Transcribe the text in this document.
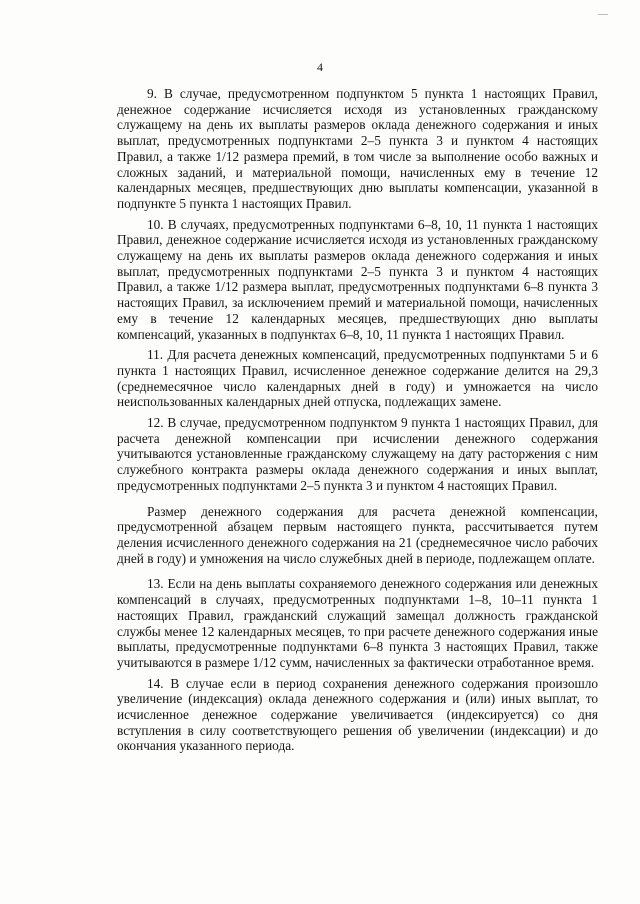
4

9. В случае, предусмотренном подпунктом 5 пункта 1 настоящих Правил, денежное содержание исчисляется исходя из установленных гражданскому служащему на день их выплаты размеров оклада денежного содержания и иных выплат, предусмотренных подпунктами 2–5 пункта 3 и пунктом 4 настоящих Правил, а также 1/12 размера премий, в том числе за выполнение особо важных и сложных заданий, и материальной помощи, начисленных ему в течение 12 календарных месяцев, предшествующих дню выплаты компенсации, указанной в подпункте 5 пункта 1 настоящих Правил.

10. В случаях, предусмотренных подпунктами 6–8, 10, 11 пункта 1 настоящих Правил, денежное содержание исчисляется исходя из установленных гражданскому служащему на день их выплаты размеров оклада денежного содержания и иных выплат, предусмотренных подпунктами 2–5 пункта 3 и пунктом 4 настоящих Правил, а также 1/12 размера выплат, предусмотренных подпунктами 6–8 пункта 3 настоящих Правил, за исключением премий и материальной помощи, начисленных ему в течение 12 календарных месяцев, предшествующих дню выплаты компенсаций, указанных в подпунктах 6–8, 10, 11 пункта 1 настоящих Правил.

11. Для расчета денежных компенсаций, предусмотренных подпунктами 5 и 6 пункта 1 настоящих Правил, исчисленное денежное содержание делится на 29,3 (среднемесячное число календарных дней в году) и умножается на число неиспользованных календарных дней отпуска, подлежащих замене.

12. В случае, предусмотренном подпунктом 9 пункта 1 настоящих Правил, для расчета денежной компенсации при исчислении денежного содержания учитываются установленные гражданскому служащему на дату расторжения с ним служебного контракта размеры оклада денежного содержания и иных выплат, предусмотренных подпунктами 2–5 пункта 3 и пунктом 4 настоящих Правил.

Размер денежного содержания для расчета денежной компенсации, предусмотренной абзацем первым настоящего пункта, рассчитывается путем деления исчисленного денежного содержания на 21 (среднемесячное число рабочих дней в году) и умножения на число служебных дней в периоде, подлежащем оплате.

13. Если на день выплаты сохраняемого денежного содержания или денежных компенсаций в случаях, предусмотренных подпунктами 1–8, 10–11 пункта 1 настоящих Правил, гражданский служащий замещал должность гражданской службы менее 12 календарных месяцев, то при расчете денежного содержания иные выплаты, предусмотренные подпунктами 6–8 пункта 3 настоящих Правил, также учитываются в размере 1/12 сумм, начисленных за фактически отработанное время.

14. В случае если в период сохранения денежного содержания произошло увеличение (индексация) оклада денежного содержания и (или) иных выплат, то исчисленное денежное содержание увеличивается (индексируется) со дня вступления в силу соответствующего решения об увеличении (индексации) и до окончания указанного периода.
